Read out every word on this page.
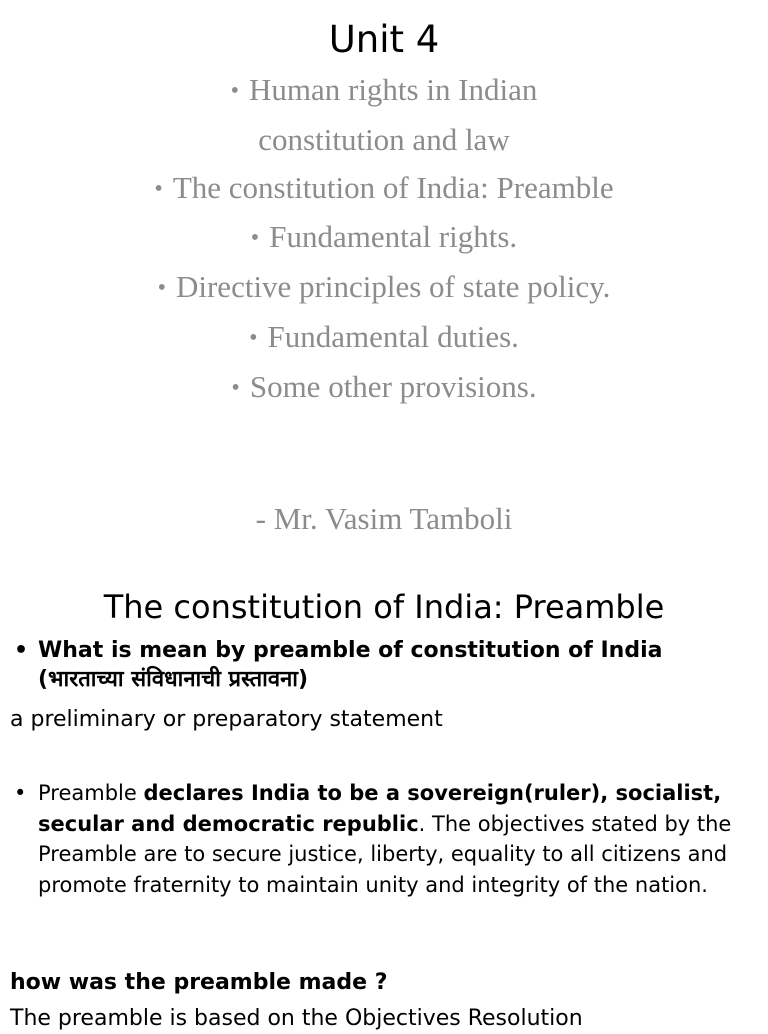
Unit 4
• Human rights in Indian constitution and law
• The constitution of India: Preamble
• Fundamental rights.
• Directive principles of state policy.
• Fundamental duties.
• Some other provisions.
- Mr. Vasim Tamboli
The constitution of India: Preamble
• What is mean by preamble of constitution of India
(भारताच्या संविधानाची प्रस्तावना)
a preliminary or preparatory statement
• Preamble declares India to be a sovereign(ruler), socialist, secular and democratic republic. The objectives stated by the Preamble are to secure justice, liberty, equality to all citizens and promote fraternity to maintain unity and integrity of the nation.
how was the preamble made ?
The preamble is based on the Objectives Resolution
